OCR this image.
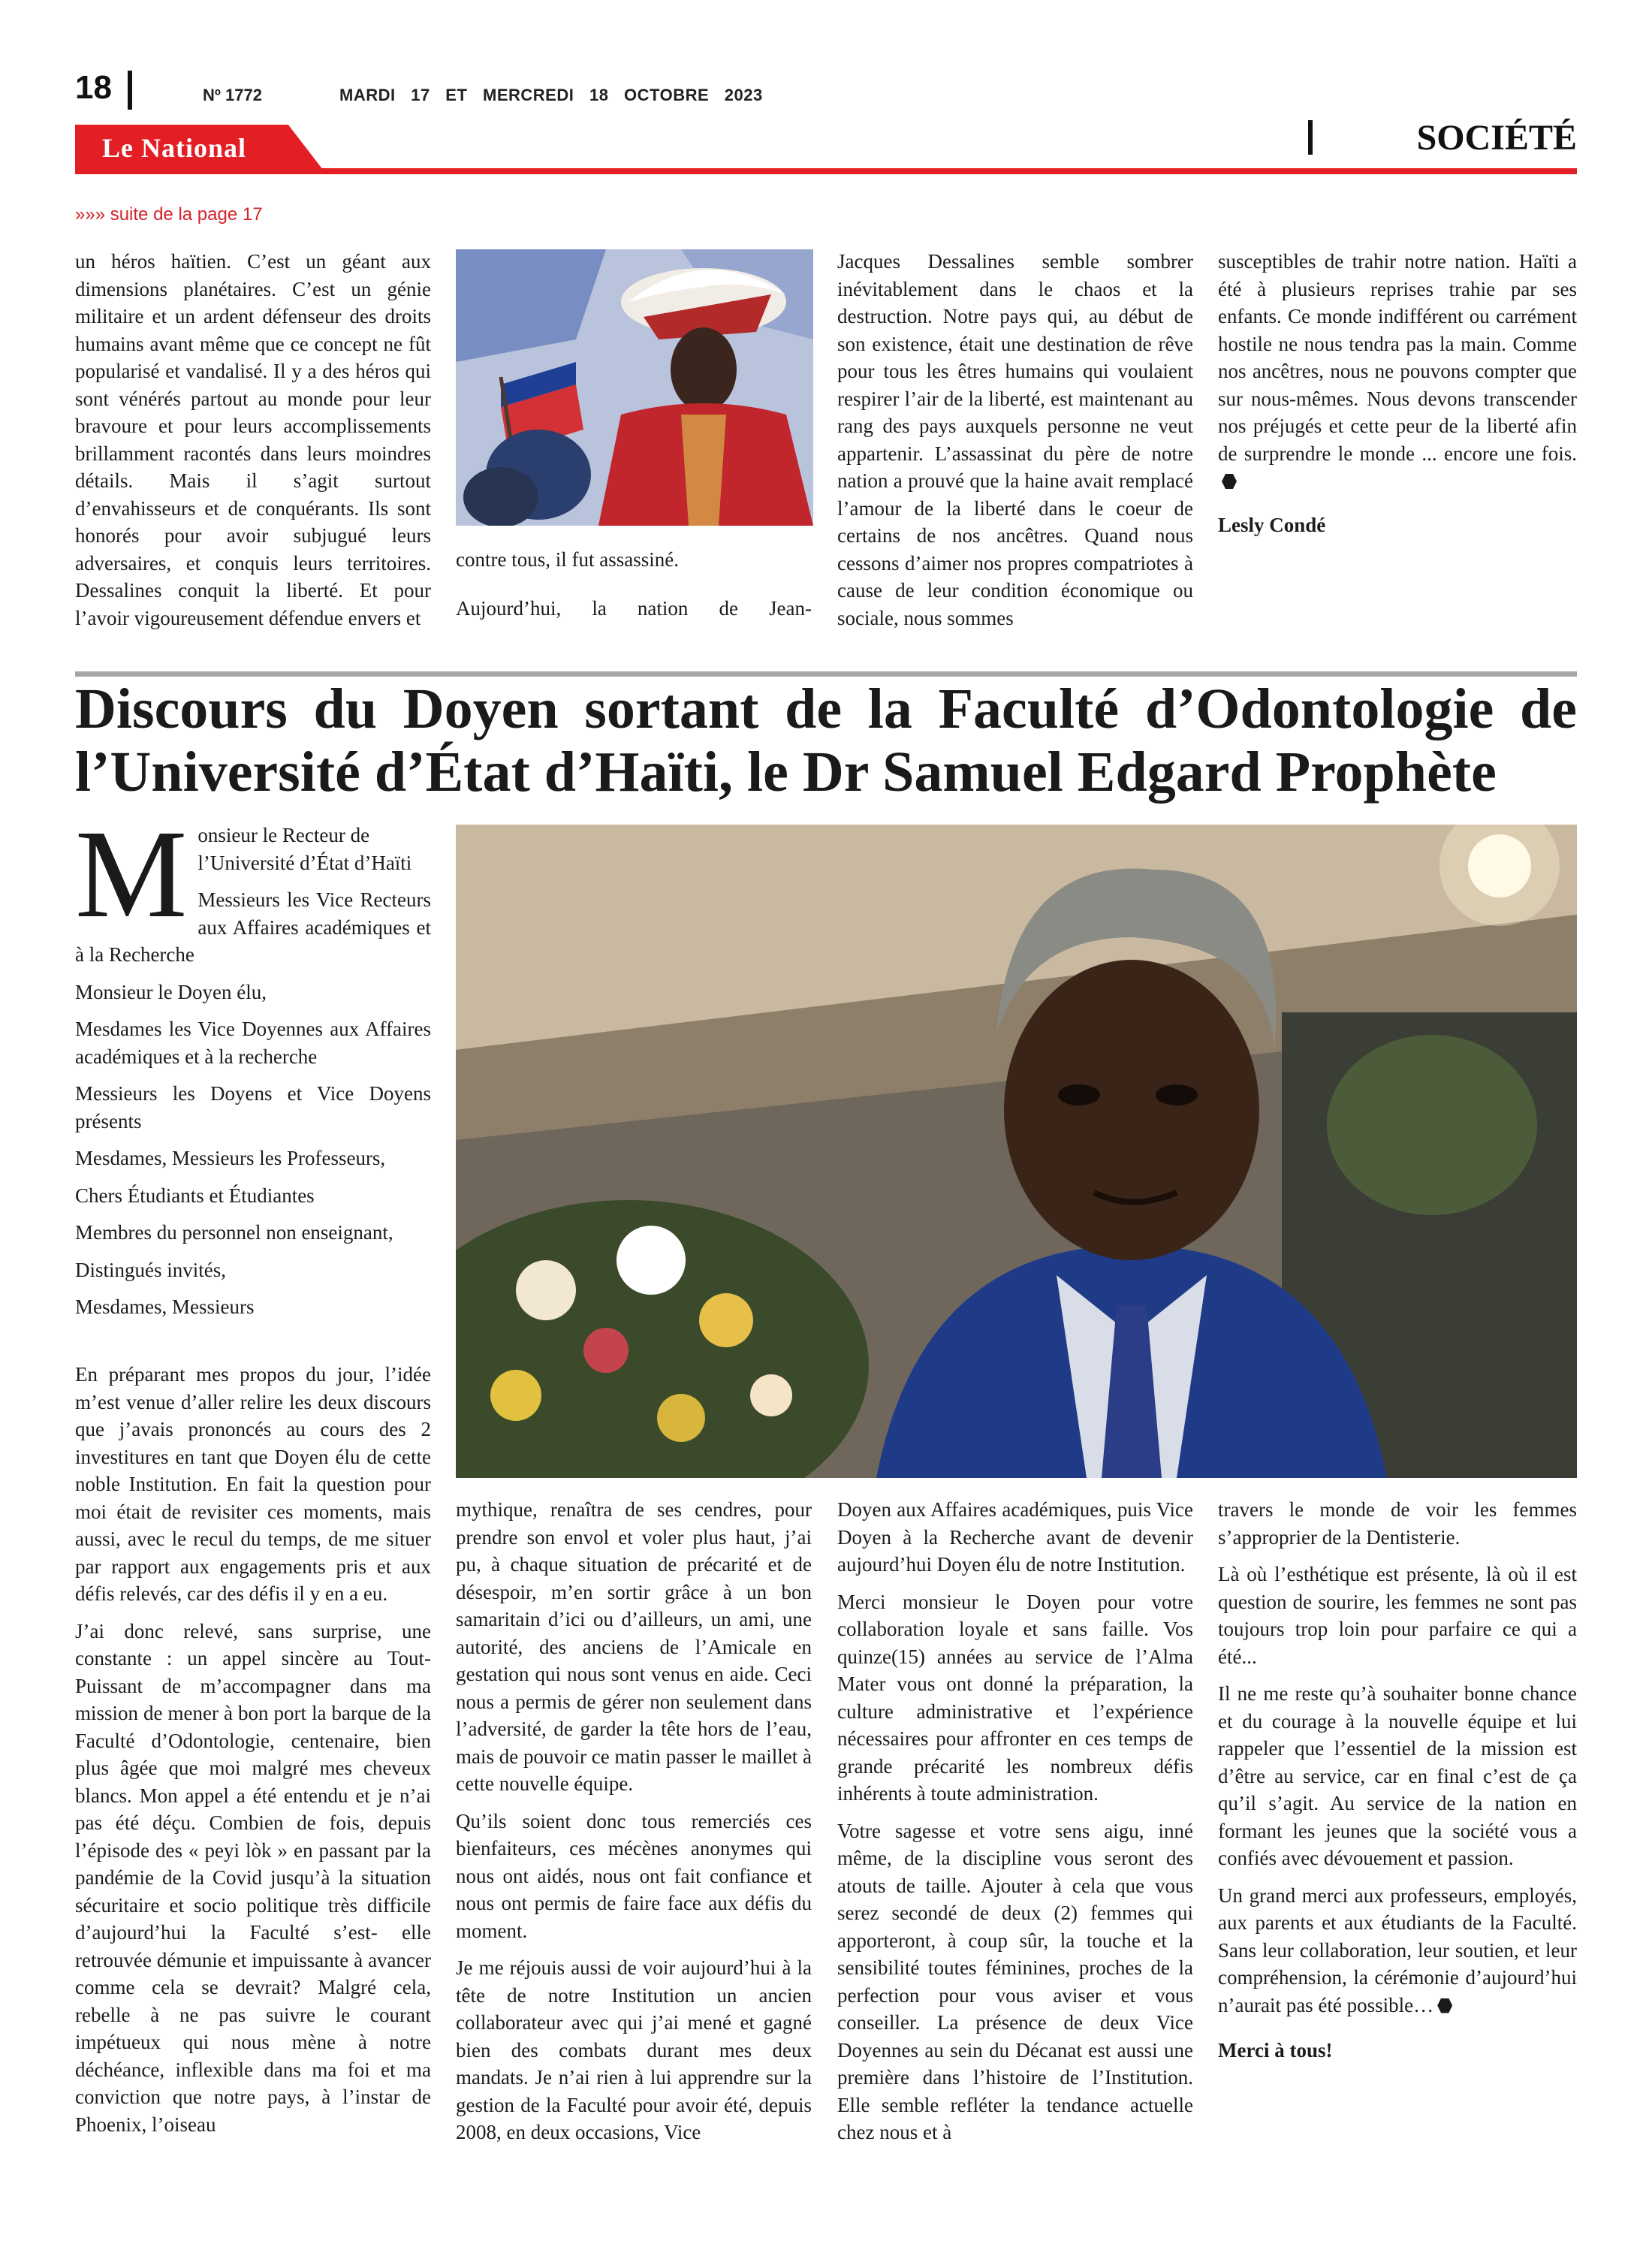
18	Nº 1772	MARDI 17 ET MERCREDI 18 OCTOBRE 2023
Le National	SOCIÉTÉ
»»» suite de la page 17

un héros haïtien. C’est un géant aux dimensions planétaires. C’est un génie militaire et un ardent défenseur des droits humains avant même que ce concept ne fût popularisé et vandalisé. Il y a des héros qui sont vénérés partout au monde pour leur bravoure et pour leurs accomplissements brillamment racontés dans leurs moindres détails. Mais il s’agit surtout d’envahisseurs et de conquérants. Ils sont honorés pour avoir subjugué leurs adversaires, et conquis leurs territoires. Dessalines conquit la liberté. Et pour l’avoir vigoureusement défendue envers et

contre tous, il fut assassiné.

Aujourd’hui, la nation de Jean-

Jacques Dessalines semble sombrer inévitablement dans le chaos et la destruction. Notre pays qui, au début de son existence, était une destination de rêve pour tous les êtres humains qui voulaient respirer l’air de la liberté, est maintenant au rang des pays auxquels personne ne veut appartenir. L’assassinat du père de notre nation a prouvé que la haine avait remplacé l’amour de la liberté dans le coeur de certains de nos ancêtres. Quand nous cessons d’aimer nos propres compatriotes à cause de leur condition économique ou sociale, nous sommes

susceptibles de trahir notre nation. Haïti a été à plusieurs reprises trahie par ses enfants. Ce monde indifférent ou carrément hostile ne nous tendra pas la main. Comme nos ancêtres, nous ne pouvons compter que sur nous-mêmes. Nous devons transcender nos préjugés et cette peur de la liberté afin de surprendre le monde ... encore une fois.

Lesly Condé

Discours du Doyen sortant de la Faculté d’Odontologie de l’Université d’État d’Haïti, le Dr Samuel Edgard Prophète
M onsieur le Recteur de l’Université d’État d’Haïti

Messieurs les Vice Recteurs aux Affaires académiques et à la Recherche

Monsieur le Doyen élu,

Mesdames les Vice Doyennes aux Affaires académiques et à la recherche

Messieurs les Doyens et Vice Doyens présents

Mesdames, Messieurs les Professeurs,

Chers Étudiants et Étudiantes

Membres du personnel non enseignant,

Distingués invités,

Mesdames, Messieurs

En préparant mes propos du jour, l’idée m’est venue d’aller relire les deux discours que j’avais prononcés au cours des 2 investitures en tant que Doyen élu de cette noble Institution. En fait la question pour moi était de revisiter ces moments, mais aussi, avec le recul du temps, de me situer par rapport aux engagements pris et aux défis relevés, car des défis il y en a eu.

J’ai donc relevé, sans surprise, une constante : un appel sincère au Tout-Puissant de m’accompagner dans ma mission de mener à bon port la barque de la Faculté d’Odontologie, centenaire, bien plus âgée que moi malgré mes cheveux blancs. Mon appel a été entendu et je n’ai pas été déçu. Combien de fois, depuis l’épisode des « peyi lòk » en passant par la pandémie de la Covid jusqu’à la situation sécuritaire et socio politique très difficile d’aujourd’hui la Faculté s’est- elle retrouvée démunie et impuissante à avancer comme cela se devrait? Malgré cela, rebelle à ne pas suivre le courant impétueux qui nous mène à notre déchéance, inflexible dans ma foi et ma conviction que notre pays, à l’instar de Phoenix, l’oiseau

mythique, renaîtra de ses cendres, pour prendre son envol et voler plus haut, j’ai pu, à chaque situation de précarité et de désespoir, m’en sortir grâce à un bon samaritain d’ici ou d’ailleurs, un ami, une autorité, des anciens de l’Amicale en gestation qui nous sont venus en aide. Ceci nous a permis de gérer non seulement dans l’adversité, de garder la tête hors de l’eau, mais de pouvoir ce matin passer le maillet à cette nouvelle équipe.

Qu’ils soient donc tous remerciés ces bienfaiteurs, ces mécènes anonymes qui nous ont aidés, nous ont fait confiance et nous ont permis de faire face aux défis du moment.

Je me réjouis aussi de voir aujourd’hui à la tête de notre Institution un ancien collaborateur avec qui j’ai mené et gagné bien des combats durant mes deux mandats. Je n’ai rien à lui apprendre sur la gestion de la Faculté pour avoir été, depuis 2008, en deux occasions, Vice

Doyen aux Affaires académiques, puis Vice Doyen à la Recherche avant de devenir aujourd’hui Doyen élu de notre Institution.

Merci monsieur le Doyen pour votre collaboration loyale et sans faille. Vos quinze(15) années au service de l’Alma Mater vous ont donné la préparation, la culture administrative et l’expérience nécessaires pour affronter en ces temps de grande précarité les nombreux défis inhérents à toute administration.

Votre sagesse et votre sens aigu, inné même, de la discipline vous seront des atouts de taille. Ajouter à cela que vous serez secondé de deux (2) femmes qui apporteront, à coup sûr, la touche et la sensibilité toutes féminines, proches de la perfection pour vous aviser et vous conseiller. La présence de deux Vice Doyennes au sein du Décanat est aussi une première dans l’histoire de l’Institution. Elle semble refléter la tendance actuelle chez nous et à

travers le monde de voir les femmes s’approprier de la Dentisterie.

Là où l’esthétique est présente, là où il est question de sourire, les femmes ne sont pas toujours trop loin pour parfaire ce qui a été...

Il ne me reste qu’à souhaiter bonne chance et du courage à la nouvelle équipe et lui rappeler que l’essentiel de la mission est d’être au service, car en final c’est de ça qu’il s’agit. Au service de la nation en formant les jeunes que la société vous a confiés avec dévouement et passion.

Un grand merci aux professeurs, employés, aux parents et aux étudiants de la Faculté. Sans leur collaboration, leur soutien, et leur compréhension, la cérémonie d’aujourd’hui n’aurait pas été possible…

Merci à tous!
